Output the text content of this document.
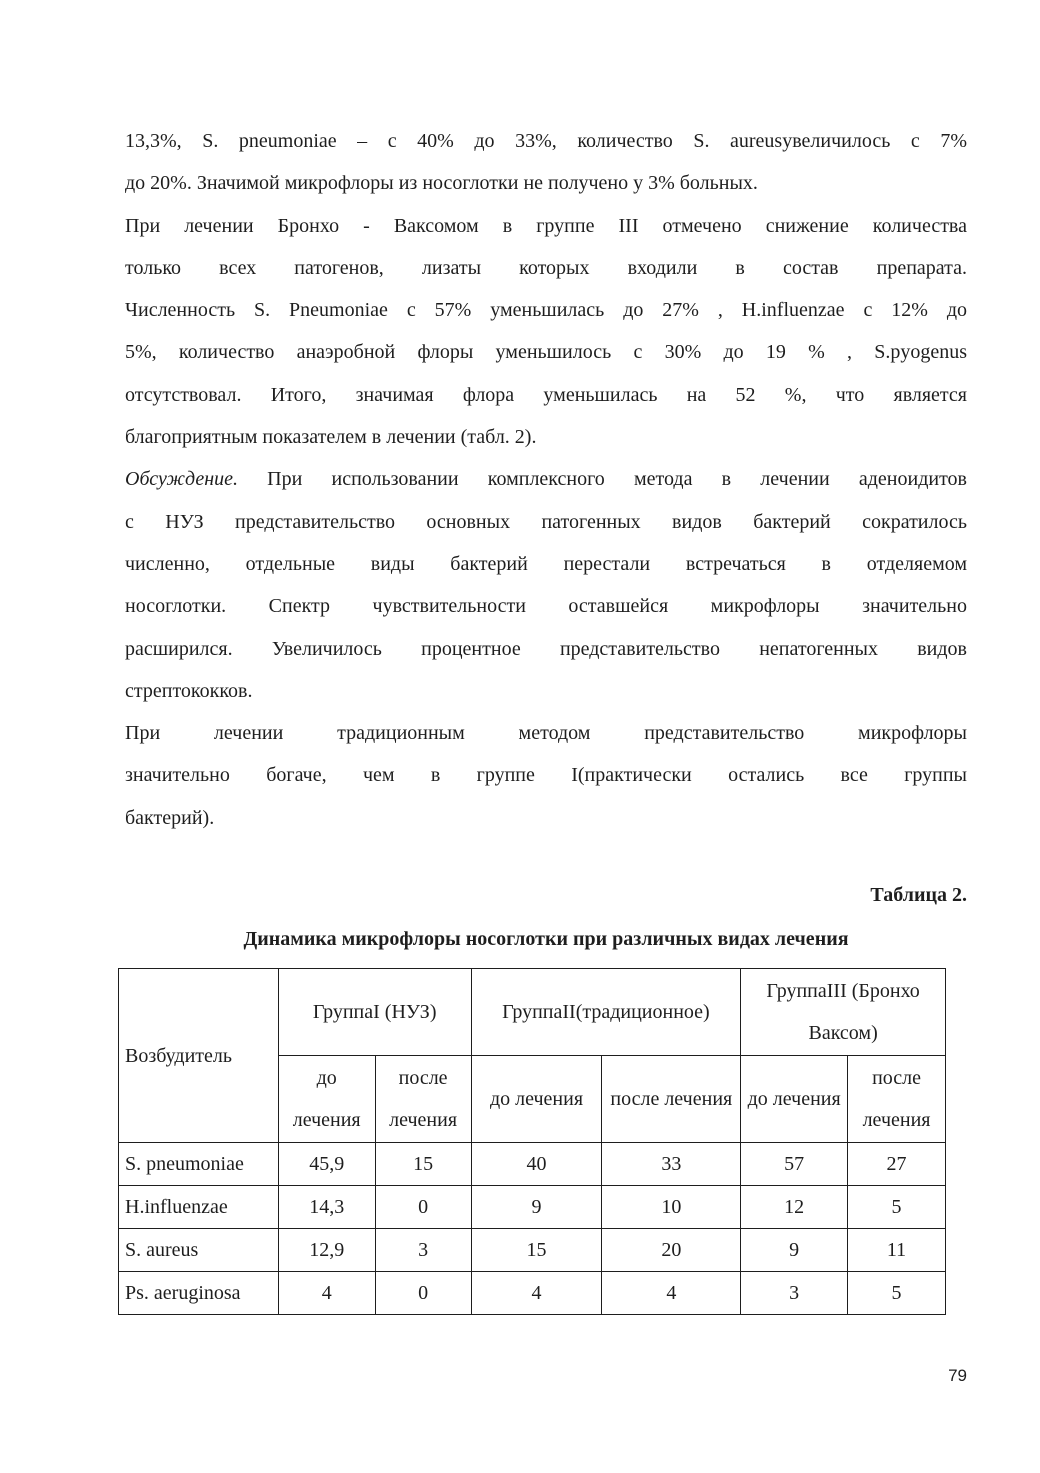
13,3%, S. pneumoniae – с 40% до 33%, количество S. aureusувеличилось с 7%
до 20%. Значимой микрофлоры из носоглотки не получено у 3% больных.

При лечении Бронхо - Ваксомом в группе III отмечено снижение количества
только всех патогенов, лизаты которых входили в состав препарата.
Численность S. Pneumoniae с 57% уменьшилась до 27% , H.influenzae с 12% до
5%, количество анаэробной флоры уменьшилось с 30% до 19 % , S.pyogenus
отсутствовал. Итого, значимая флора уменьшилась на 52 %, что является
благоприятным показателем в лечении (табл. 2).

Обсуждение. При использовании комплексного метода в лечении аденоидитов
с НУЗ представительство основных патогенных видов бактерий сократилось
численно, отдельные виды бактерий перестали встречаться в отделяемом
носоглотки. Спектр чувствительности оставшейся микрофлоры значительно
расширился. Увеличилось процентное представительство непатогенных видов
стрептококков.

При лечении традиционным методом представительство микрофлоры
значительно богаче, чем в группе I(практически остались все группы
бактерий).

Таблица 2.
Динамика микрофлоры носоглотки при различных видах лечения
Возбудитель	ГруппаI (НУЗ)		ГруппаII(традиционное)		ГруппаIII (Бронхо Ваксом)	
	до лечения	после лечения	до лечения	после лечения	до лечения	после лечения
S. pneumoniae	45,9	15	40	33	57	27
H.influenzae	14,3	0	9	10	12	5
S. aureus	12,9	3	15	20	9	11
Ps. aeruginosa	4	0	4	4	3	5
79
